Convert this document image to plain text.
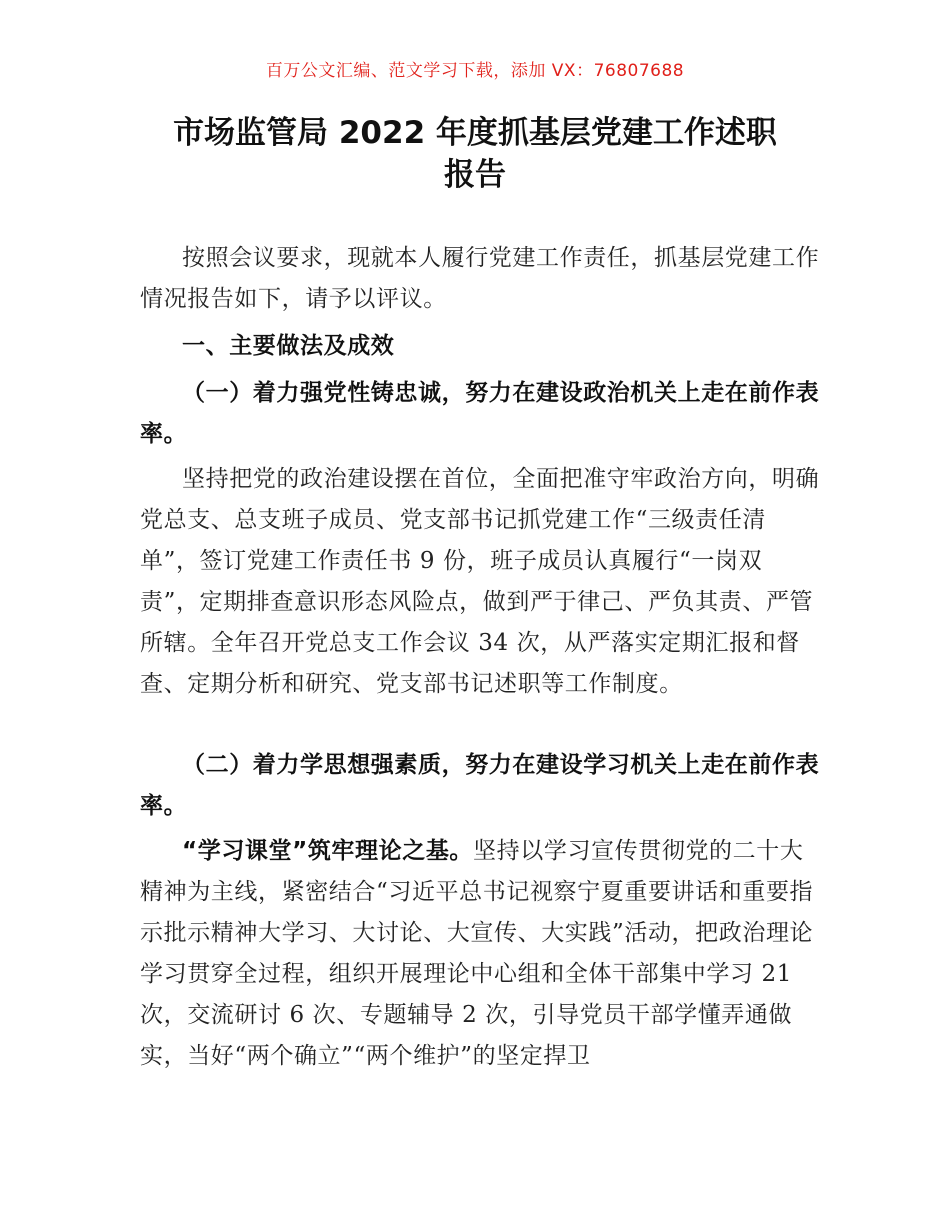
百万公文汇编、范文学习下载，添加 VX：76807688
市场监管局 2022 年度抓基层党建工作述职
报告

按照会议要求，现就本人履行党建工作责任，抓基层党建工作情况报告如下，请予以评议。

一、主要做法及成效

（一）着力强党性铸忠诚，努力在建设政治机关上走在前作表率。

坚持把党的政治建设摆在首位，全面把准守牢政治方向，明确党总支、总支班子成员、党支部书记抓党建工作“三级责任清单”，签订党建工作责任书 9 份，班子成员认真履行“一岗双责”，定期排查意识形态风险点，做到严于律己、严负其责、严管所辖。全年召开党总支工作会议 34 次，从严落实定期汇报和督查、定期分析和研究、党支部书记述职等工作制度。

（二）着力学思想强素质，努力在建设学习机关上走在前作表率。

“学习课堂”筑牢理论之基。坚持以学习宣传贯彻党的二十大精神为主线，紧密结合“习近平总书记视察宁夏重要讲话和重要指示批示精神大学习、大讨论、大宣传、大实践”活动，把政治理论学习贯穿全过程，组织开展理论中心组和全体干部集中学习 21 次，交流研讨 6 次、专题辅导 2 次，引导党员干部学懂弄通做实，当好“两个确立”“两个维护”的坚定捍卫
